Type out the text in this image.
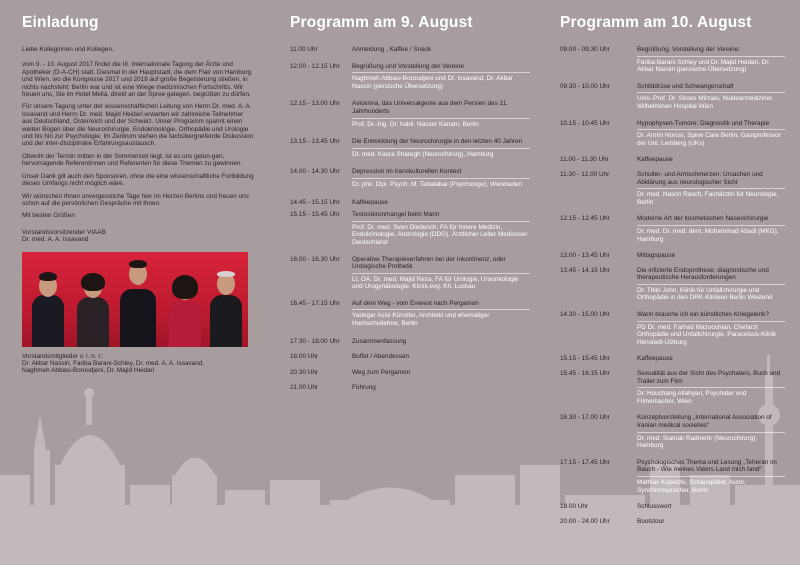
Einladung

Liebe Kolleginnen und Kollegen,

vom 9. - 10. August 2017 findet die III. Internationale Tagung der Ärzte und Apotheker (D-A-CH) statt. Diesmal in der Hauptstadt, die dem Flair von Hamburg und Wien, wo die Kongresse 2017 und 2018 auf große Begeisterung stießen, in nichts nachsteht: Berlin war und ist eine Wiege medizinischen Fortschritts. Wir freuen uns, Sie im Hotel Meliá, direkt an der Spree gelegen, begrüßen zu dürfen.

Für unsere Tagung unter der wissenschaftlichen Leitung von Herrn Dr. med. A. A. Issavand und Herrn Dr. med. Majid Heidari erwarten wir zahlreiche Teilnehmer aus Deutschland, Österreich und der Schweiz. Unser Programm spannt einen weiten Bogen über die Neurochirurgie, Endokrinologie, Orthopädie und Urologie und bis hin zur Psychologie. Im Zentrum stehen die fachübergreifende Diskussion und der inter-disziplinäre Erfahrungsaustausch.

Obwohl der Termin mitten in der Sommerzeit liegt, ist es uns gelun-gen, hervorragende Referentinnen und Referenten für diese Themen zu gewinnen.

Unser Dank gilt auch den Sponsoren, ohne die eine wissenschaftliche Fortbildung dieses Umfangs nicht möglich wäre.

Wir wünschen Ihnen unvergessliche Tage hier im Herzen Berlins und freuen uns schon auf die persönlichen Gespräche mit Ihnen.

Mit besten Grüßen

Vorstandsvorsitzender VIAAB

Dr. med. A. A. Issavand

Vorstandsmitglieder v. l. n. r.:

Dr. Akbar Nassiri, Fariba Barani-Schley, Dr. med. A. A. Issavand,

Naghmeh Abbasi-Boroudjeni, Dr. Majid Heidari

Programm am 9. August
11.00 Uhr	Anmeldung , Kaffee / Snack
12.00 - 12.15 Uhr	Begrüßung und Vorstellung der Vereine
Naghmeh Abbasi-Boroudjeni und Dr. Issavand, Dr. Akbar Nassiri (persische Übersetzung)
12.15 - 13.00 Uhr	Avicenna, das Universalgenie aus dem Persien des 11. Jahrhunderts
Prof. Dr.-Ing. Dr. habil. Nasser Kanani, Berlin
13.15 - 13.45 Uhr	Die Entwicklung der Neurochirurgie in den letzten 40 Jahren
Dr. med. Kasra Sharegh (Neurochirurg), Hamburg
14.00 - 14.30 Uhr	Depression im transkulturellen Kontext
Dr. phil. Dipl. Psych. M. Tabatabai (Psychologe), Wiesbaden
14.45 - 15.15 Uhr	Kaffeepause
15.15 - 15.45 Uhr	Testosteronmangel beim Mann
Prof. Dr. med. Sven Diederich, FA für Innere Medizin, Endokrinologie, Andrologie (DDG), Ärztlicher Leiter Medicover Deutschland
16.00 - 16.30 Uhr	Operative Therapieverfahren bei der Inkontinenz, oder Urologische Prothetik
Lt. OA. Dr. med. Majid Reza, FA für Urologie, Uroonkologie und Urogynäkologie, Klinik,evg. Kh. Luckau
16.45 - 17.15 Uhr	Auf dem Weg - vom Everest nach Pergamon
Yadegar Asisi Künstler, Architekt und ehemaliger Hochschullehrer, Berlin
17.30 - 18.00 Uhr	Zusammenfassung
18.00 Uhr	Buffet / Abendessen
20.30 Uhr	Weg zum Pergamon
21.00 Uhr	Führung
Programm am 10. August
09.00 - 09.30 Uhr	Begrüßung, Vorstellung der Vereine:
Fariba Barani-Schley und Dr. Majid Heidari, Dr. Akbar Nassiri (persische Übersetzung)
09.30 - 10.00 Uhr	Schilddrüse und Schwangerschaft
Univ.-Prof. Dr. Siroos Mirzaei, Nuklearmediziner, Wilhelminen Hospital Wien
10.15 - 10.45 Uhr	Hypophysen-Tumore: Diagnostik und Therapie
Dr. Armin Norusi, Spine Care Berlin, Gastprofessor der Uni. Lemberg (UKs)
11.00 - 11.30 Uhr	Kaffeepause
11.30 - 12.00 Uhr	Schulter- und Armschmerzen: Ursachen und Abklärung aus neurologischer Sicht
Dr. med. Nasrin Rasch, Fachärztin für Neurologie, Berlin
12.15 - 12.45 Uhr	Moderne Art der kosmetischen Nasenchirurgie
Dr. med. Dr. med. dent. Mohammad Abadi (MKG), Hamburg
13.00 - 13.45 Uhr	Mittagspause
13.45 - 14.15 Uhr	Die infizierte Endoprothese: diagnostische und therapeutische Herausforderungen
Dr. Thilo John, Klinik für Unfallchirurgie und Orthopädie in den DRK-Kliniken Berlin Westend
14.30 - 15.00 Uhr	Wann brauche ich ein künstliches Kniegelenk?
PD Dr. med. Farhad Mazoochian, Chefarzt Orthopädie und Unfallchirurgie, Paracelsus-Klinik Henstedt-Ulzburg
15.15 - 15.45 Uhr	Kaffeepause
15.45 - 16.15 Uhr	Sexualität aus der Sicht des Psychaters, Buch und Trailer zum Film
Dr. Houchang Allahyari, Psychater und Filmemacher, Wien
16.30 - 17.00 Uhr	Konzeptvorstellung „International Association of Iranian medical societies“
Dr. med. Siamak Radmehr (Neurochirurg), Hamburg
17.15 - 17.45 Uhr	Psychologisches Thema und Lesung „Teheran im Bauch - Wie meines Vaters Land mich fand“
Mathias Kopetzki, Schauspieler, Autor, Synchronsprecher, Berlin
18.00 Uhr	Schlusswort
20.00 - 24.00 Uhr	Bootstour
